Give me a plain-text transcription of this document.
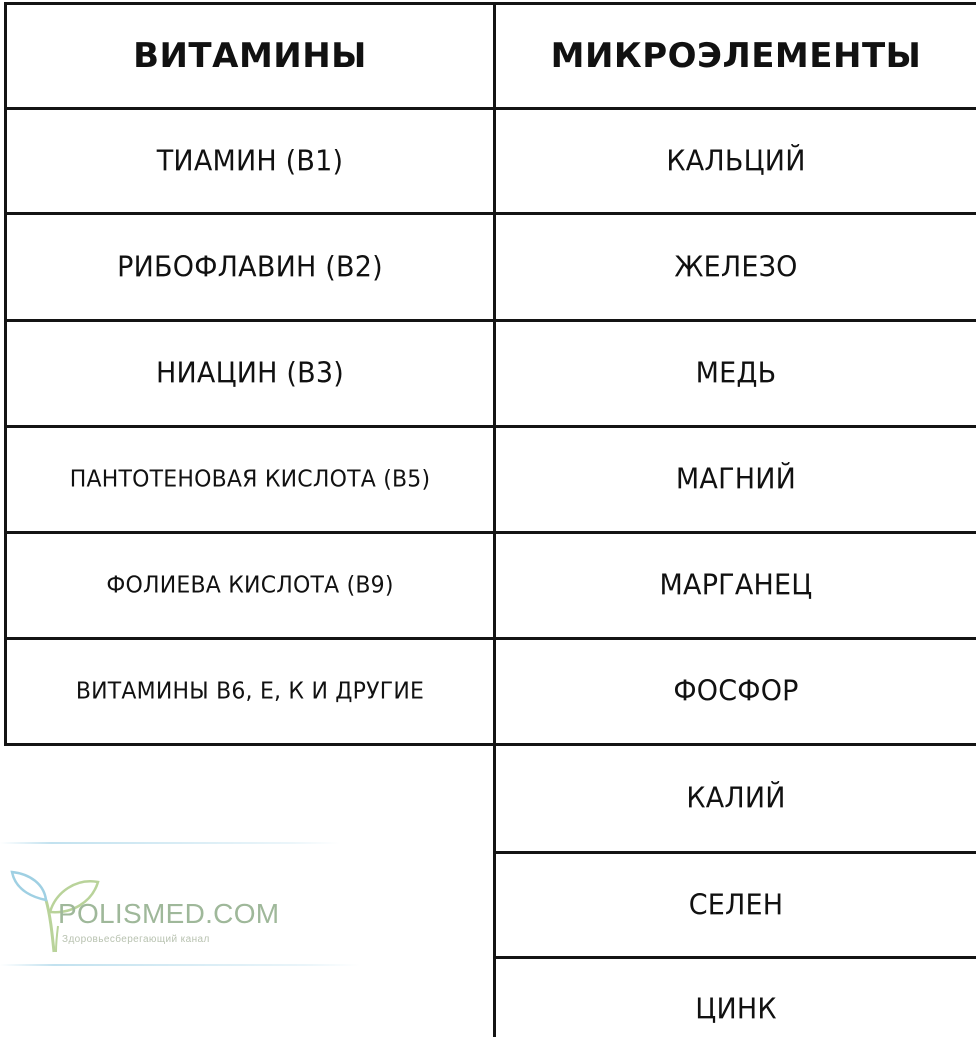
ВИТАМИНЫ	МИКРОЭЛЕМЕНТЫ
ТИАМИН (В1)
РИБОФЛАВИН (В2)
НИАЦИН (В3)
ПАНТОТЕНОВАЯ КИСЛОТА (В5)
ФОЛИЕВА КИСЛОТА (В9)
ВИТАМИНЫ В6, Е, К И ДРУГИЕ
КАЛЬЦИЙ
ЖЕЛЕЗО
МЕДЬ
МАГНИЙ
МАРГАНЕЦ
ФОСФОР
КАЛИЙ
СЕЛЕН
ЦИНК
POLISMED.COM
Здоровьесберегающий канал
